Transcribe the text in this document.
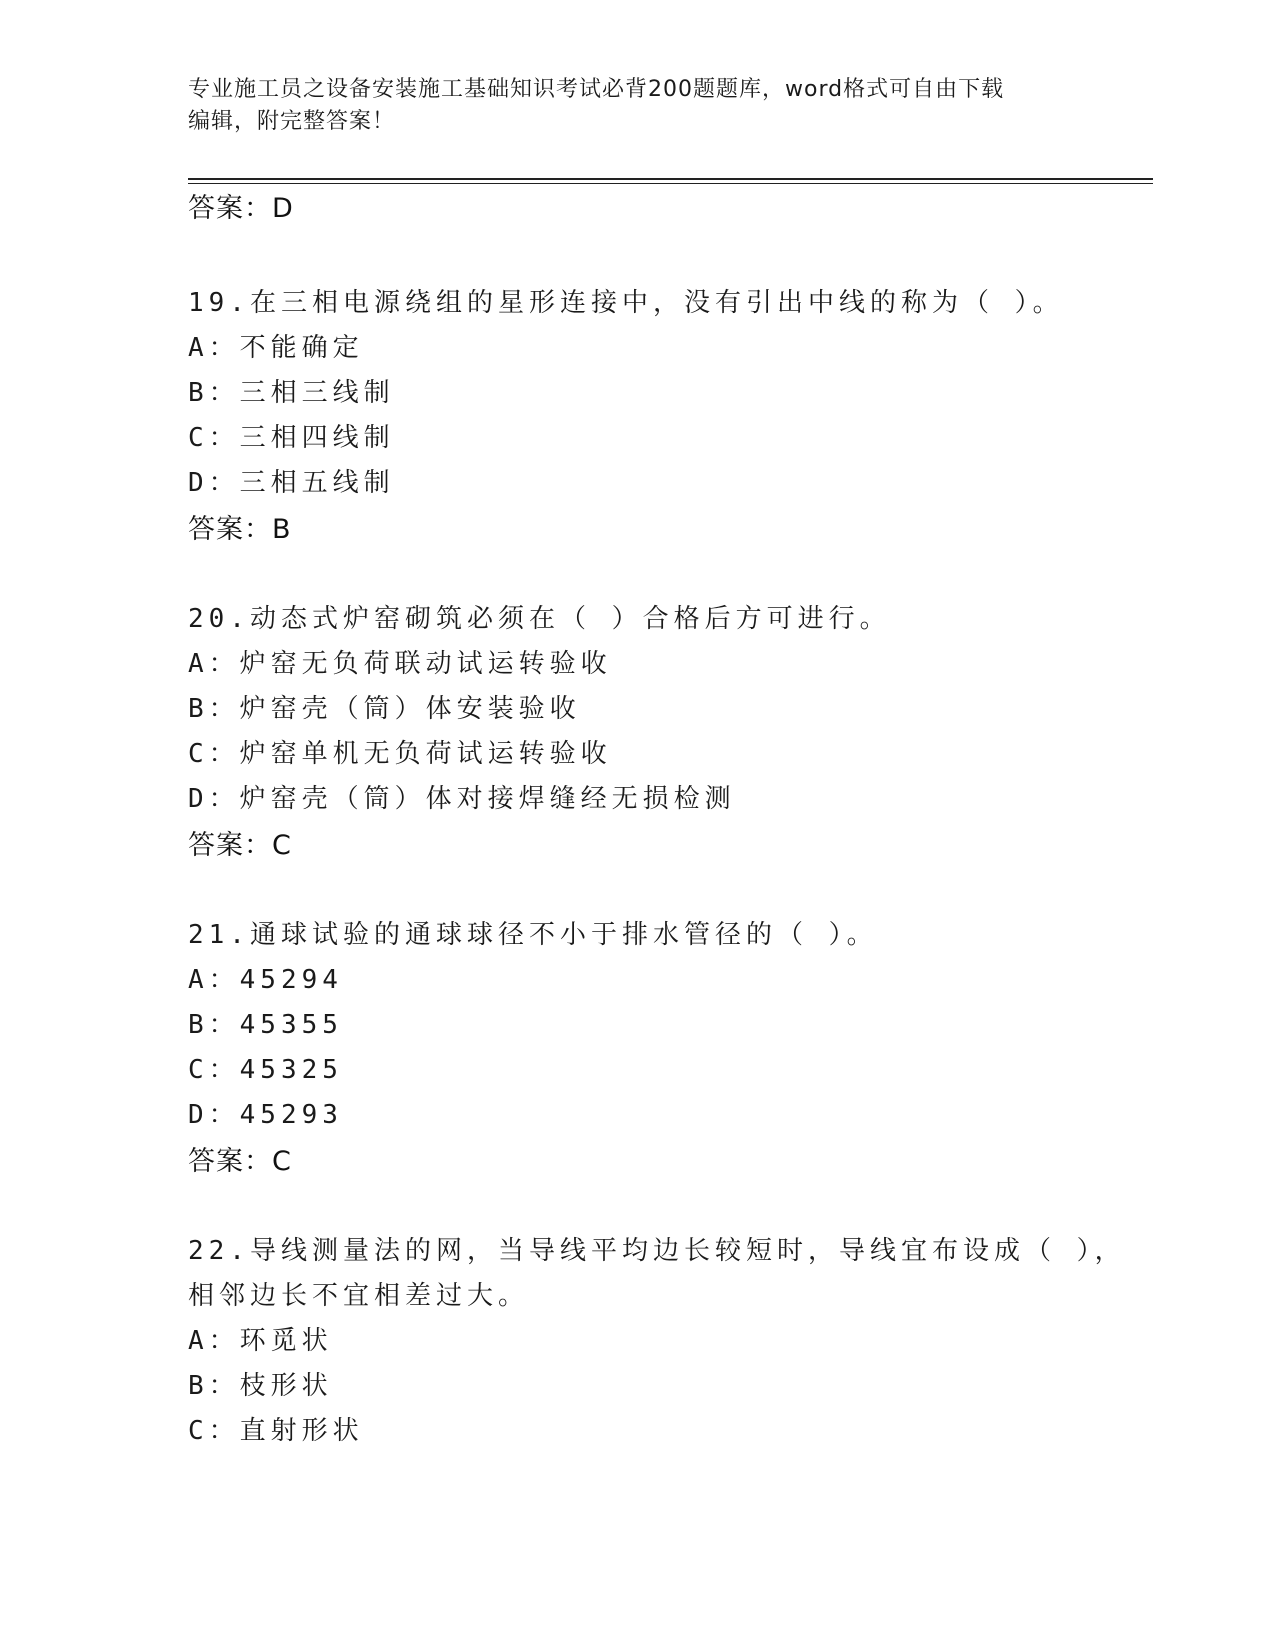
专业施工员之设备安装施工基础知识考试必背200题题库，word格式可自由下载
编辑，附完整答案！
答案：D
19.在三相电源绕组的星形连接中，没有引出中线的称为（ ）。
A：不能确定
B：三相三线制
C：三相四线制
D：三相五线制
答案：B
20.动态式炉窑砌筑必须在（ ）合格后方可进行。
A：炉窑无负荷联动试运转验收
B：炉窑壳（筒）体安装验收
C：炉窑单机无负荷试运转验收
D：炉窑壳（筒）体对接焊缝经无损检测
答案：C
21.通球试验的通球球径不小于排水管径的（ ）。
A：45294
B：45355
C：45325
D：45293
答案：C
22.导线测量法的网，当导线平均边长较短时，导线宜布设成（ ），
相邻边长不宜相差过大。
A：环觅状
B：枝形状
C：直射形状
